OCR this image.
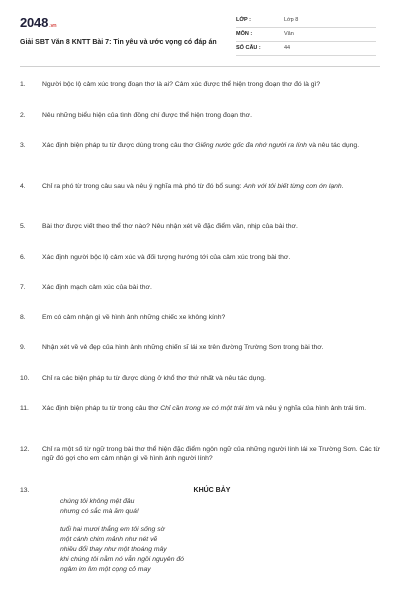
2048.vn
Giải SBT Văn 8 KNTT Bài 7: Tin yêu và ước vọng có đáp án
LỚP :	Lớp 8
MÔN :	Văn
SỐ CÂU :	44
1.	Người bộc lộ cảm xúc trong đoạn thơ là ai? Cảm xúc được thể hiện trong đoạn thơ đó là gì?
2.	Nêu những biểu hiện của tình đồng chí được thể hiện trong đoạn thơ.
3.	Xác định biện pháp tu từ được dùng trong câu thơ Giếng nước gốc đa nhớ người ra lính và nêu tác dụng.
4.	Chỉ ra phó từ trong câu sau và nêu ý nghĩa mà phó từ đó bổ sung: Anh với tôi biết từng cơn ớn lạnh.
5.	Bài thơ được viết theo thể thơ nào? Nêu nhận xét về đặc điểm vần, nhịp của bài thơ.
6.	Xác định người bộc lộ cảm xúc và đối tượng hướng tới của cảm xúc trong bài thơ.
7.	Xác định mạch cảm xúc của bài thơ.
8.	Em có cảm nhận gì về hình ảnh những chiếc xe không kính?
9.	Nhận xét về vẻ đẹp của hình ảnh những chiến sĩ lái xe trên đường Trường Sơn trong bài thơ.
10.	Chỉ ra các biện pháp tu từ được dùng ở khổ thơ thứ nhất và nêu tác dụng.
11.	Xác định biện pháp tu từ trong câu thơ Chỉ cần trong xe có một trái tim và nêu ý nghĩa của hình ảnh trái tim.
12.	Chỉ ra một số từ ngữ trong bài thơ thể hiện đặc điểm ngôn ngữ của những người lính lái xe Trường Sơn. Các từ ngữ đó gợi cho em cảm nhận gì về hình ảnh người lính?
13.	KHÚC BẢY
chúng tôi không mệt đâu
nhưng có sắc mà ăm quá!
tuổi hai mươi thắng em tôi sống sờ
một cánh chim mảnh như nét vẽ
nhiều đổi thay như một thoáng mây
khi chúng tôi nằm nó vẫn ngồi nguyên đó
ngâm im lìm một cọng cỏ may
